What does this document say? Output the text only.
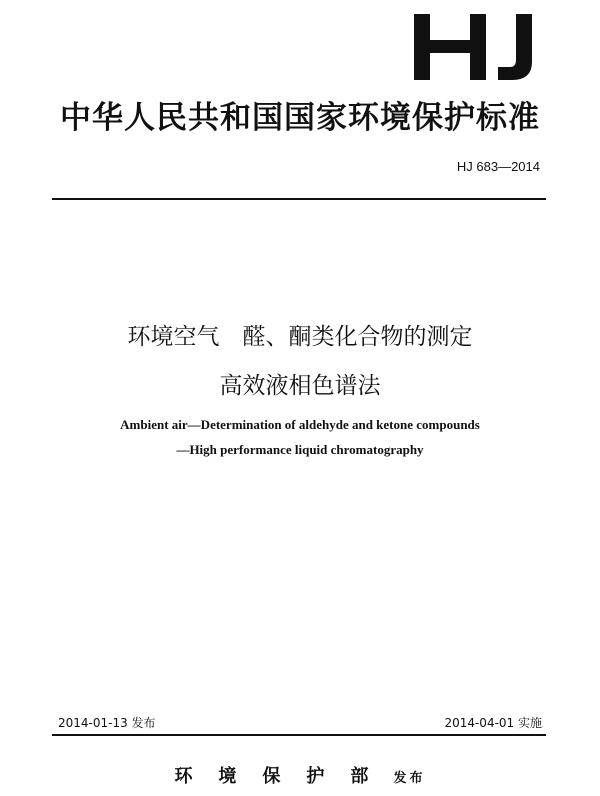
中华人民共和国国家环境保护标准
HJ 683—2014
环境空气　醛、酮类化合物的测定
高效液相色谱法
Ambient air—Determination of aldehyde and ketone compounds
—High performance liquid chromatography
2014-01-13 发布	2014-04-01 实施
环境保护部 发布
